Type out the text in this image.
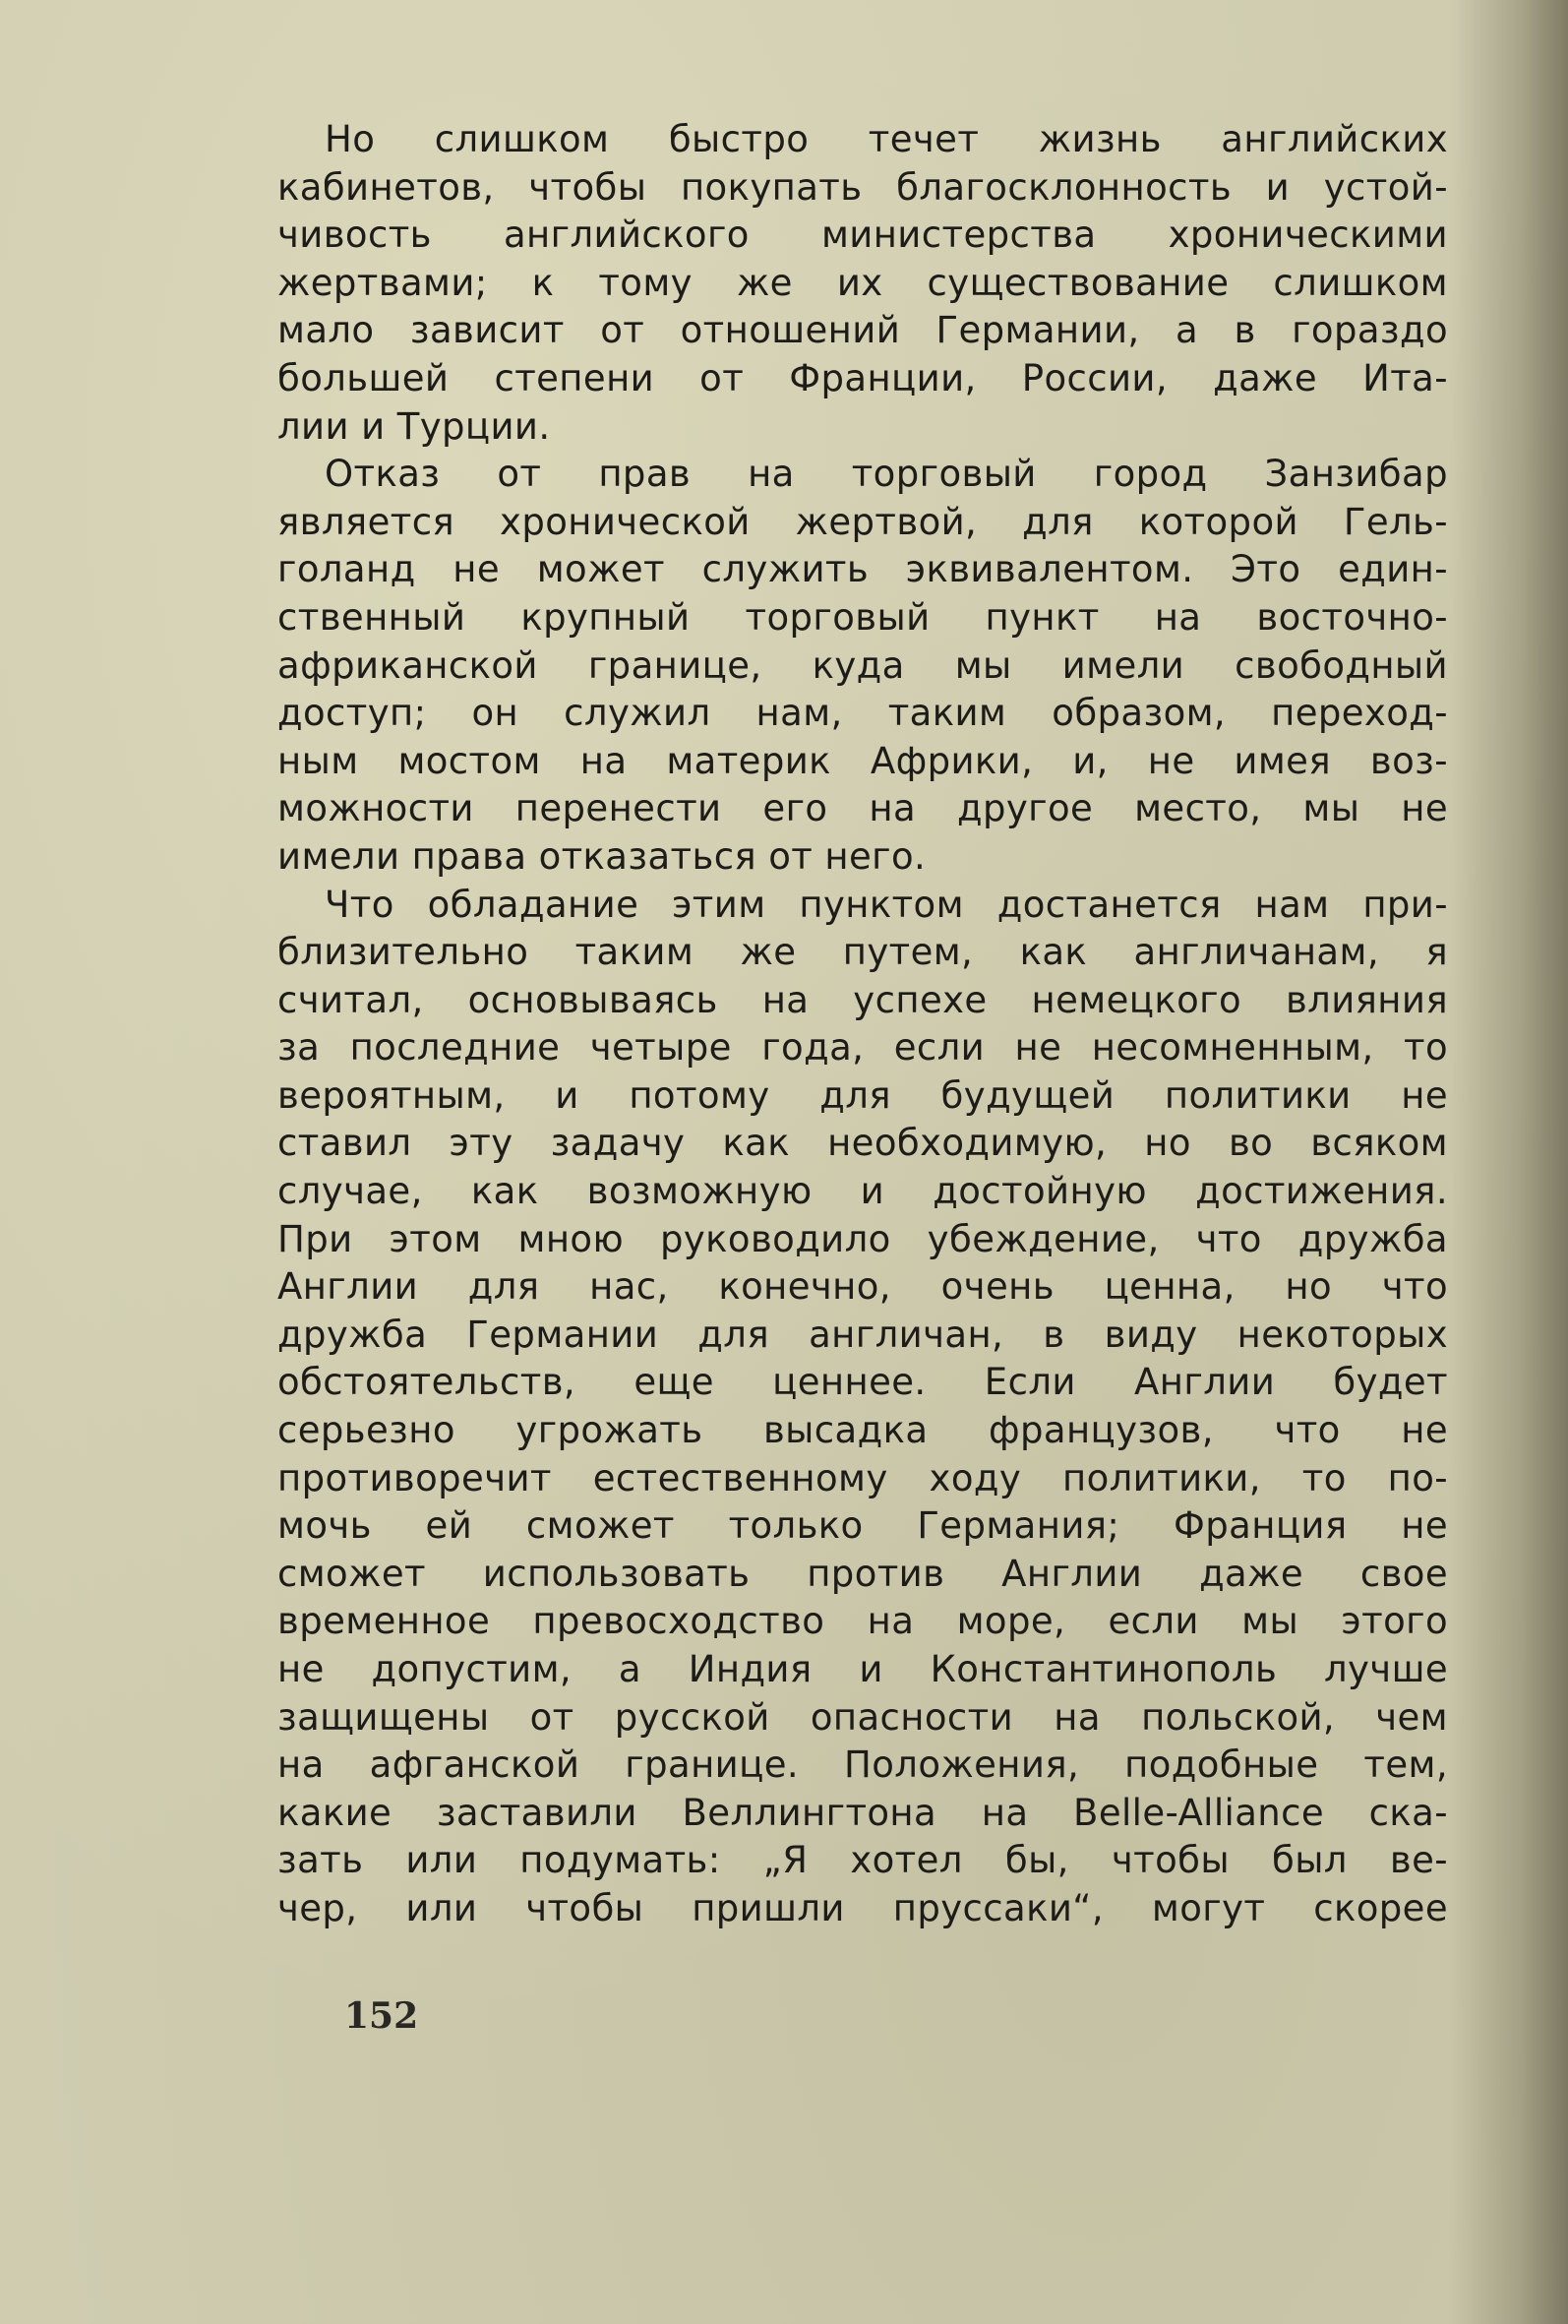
Но слишком быстро течет жизнь английских
кабинетов, чтобы покупать благосклонность и устой-
чивость английского министерства хроническими
жертвами; к тому же их существование слишком
мало зависит от отношений Германии, а в гораздо
большей степени от Франции, России, даже Ита-
лии и Турции.

Отказ от прав на торговый город Занзибар
является хронической жертвой, для которой Гель-
голанд не может служить эквивалентом. Это един-
ственный крупный торговый пункт на восточно-
африканской границе, куда мы имели свободный
доступ; он служил нам, таким образом, переход-
ным мостом на материк Африки, и, не имея воз-
можности перенести его на другое место, мы не
имели права отказаться от него.

Что обладание этим пунктом достанется нам при-
близительно таким же путем, как англичанам, я
считал, основываясь на успехе немецкого влияния
за последние четыре года, если не несомненным, то
вероятным, и потому для будущей политики не
ставил эту задачу как необходимую, но во всяком
случае, как возможную и достойную достижения.
При этом мною руководило убеждение, что дружба
Англии для нас, конечно, очень ценна, но что
дружба Германии для англичан, в виду некоторых
обстоятельств, еще ценнее. Если Англии будет
серьезно угрожать высадка французов, что не
противоречит естественному ходу политики, то по-
мочь ей сможет только Германия; Франция не
сможет использовать против Англии даже свое
временное превосходство на море, если мы этого
не допустим, а Индия и Константинополь лучше
защищены от русской опасности на польской, чем
на афганской границе. Положения, подобные тем,
какие заставили Веллингтона на Belle-Alliance ска-
зать или подумать: „Я хотел бы, чтобы был ве-
чер, или чтобы пришли пруссаки“, могут скорее

152
